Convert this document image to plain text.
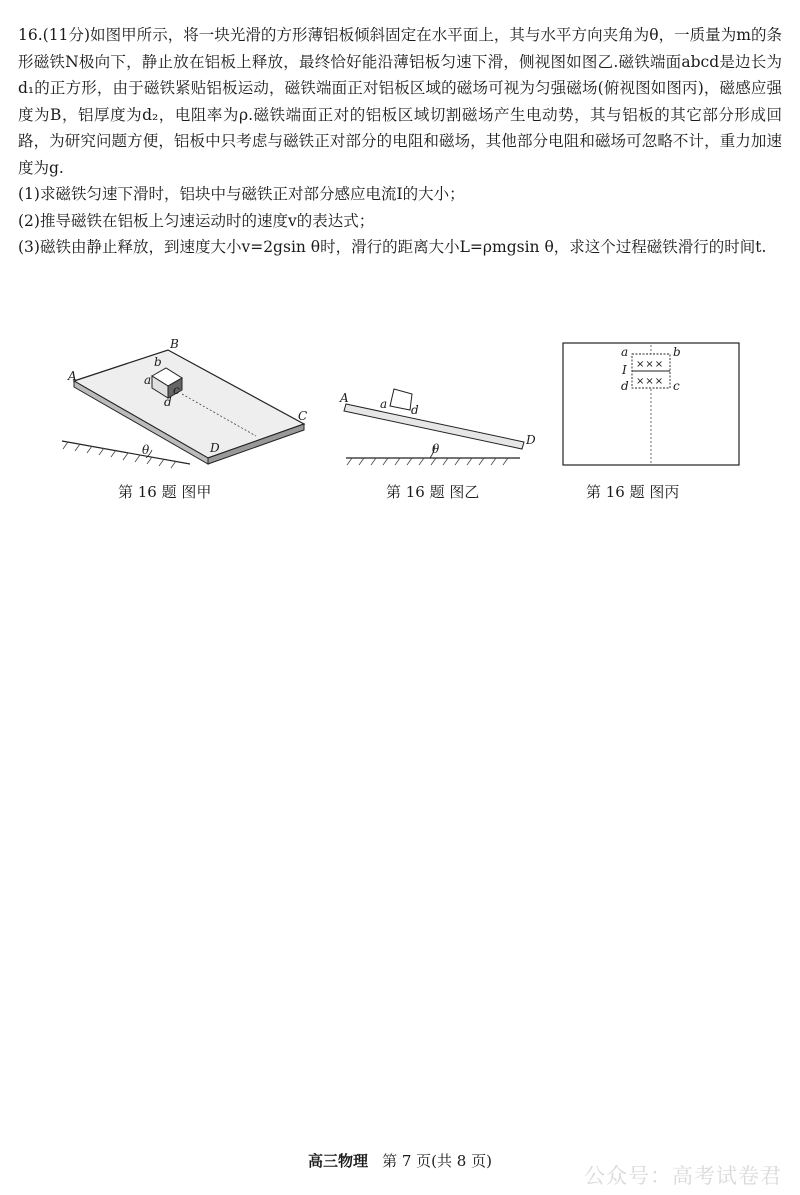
16.(11分)如图甲所示，将一块光滑的方形薄铝板倾斜固定在水平面上，其与水平方向夹角为θ，一质量为m的条形磁铁N极向下，静止放在铝板上释放，最终恰好能沿薄铝板匀速下滑，侧视图如图乙.磁铁端面abcd是边长为d₁的正方形，由于磁铁紧贴铝板运动，磁铁端面正对铝板区域的磁场可视为匀强磁场(俯视图如图丙)，磁感应强度为B，铝厚度为d₂，电阻率为ρ.磁铁端面正对的铝板区域切割磁场产生电动势，其与铝板的其它部分形成回路，为研究问题方便，铝板中只考虑与磁铁正对部分的电阻和磁场，其他部分电阻和磁场可忽略不计，重力加速度为g.

(1)求磁铁匀速下滑时，铝块中与磁铁正对部分感应电流I的大小；

(2)推导磁铁在铝板上匀速运动时的速度v的表达式；

(3)磁铁由静止释放，到速度大小v=2gsin θ时，滑行的距离大小L=ρmgsin θ，求这个过程磁铁滑行的时间t.

A
B
C
D
a
b
c
d
θ
第 16 题 图甲
A
D
a d
θ
第 16 题 图乙
×××
×××
a	b
c
d
I
第 16 题 图丙
高三物理 第 7 页(共 8 页)
公众号：高考试卷君
